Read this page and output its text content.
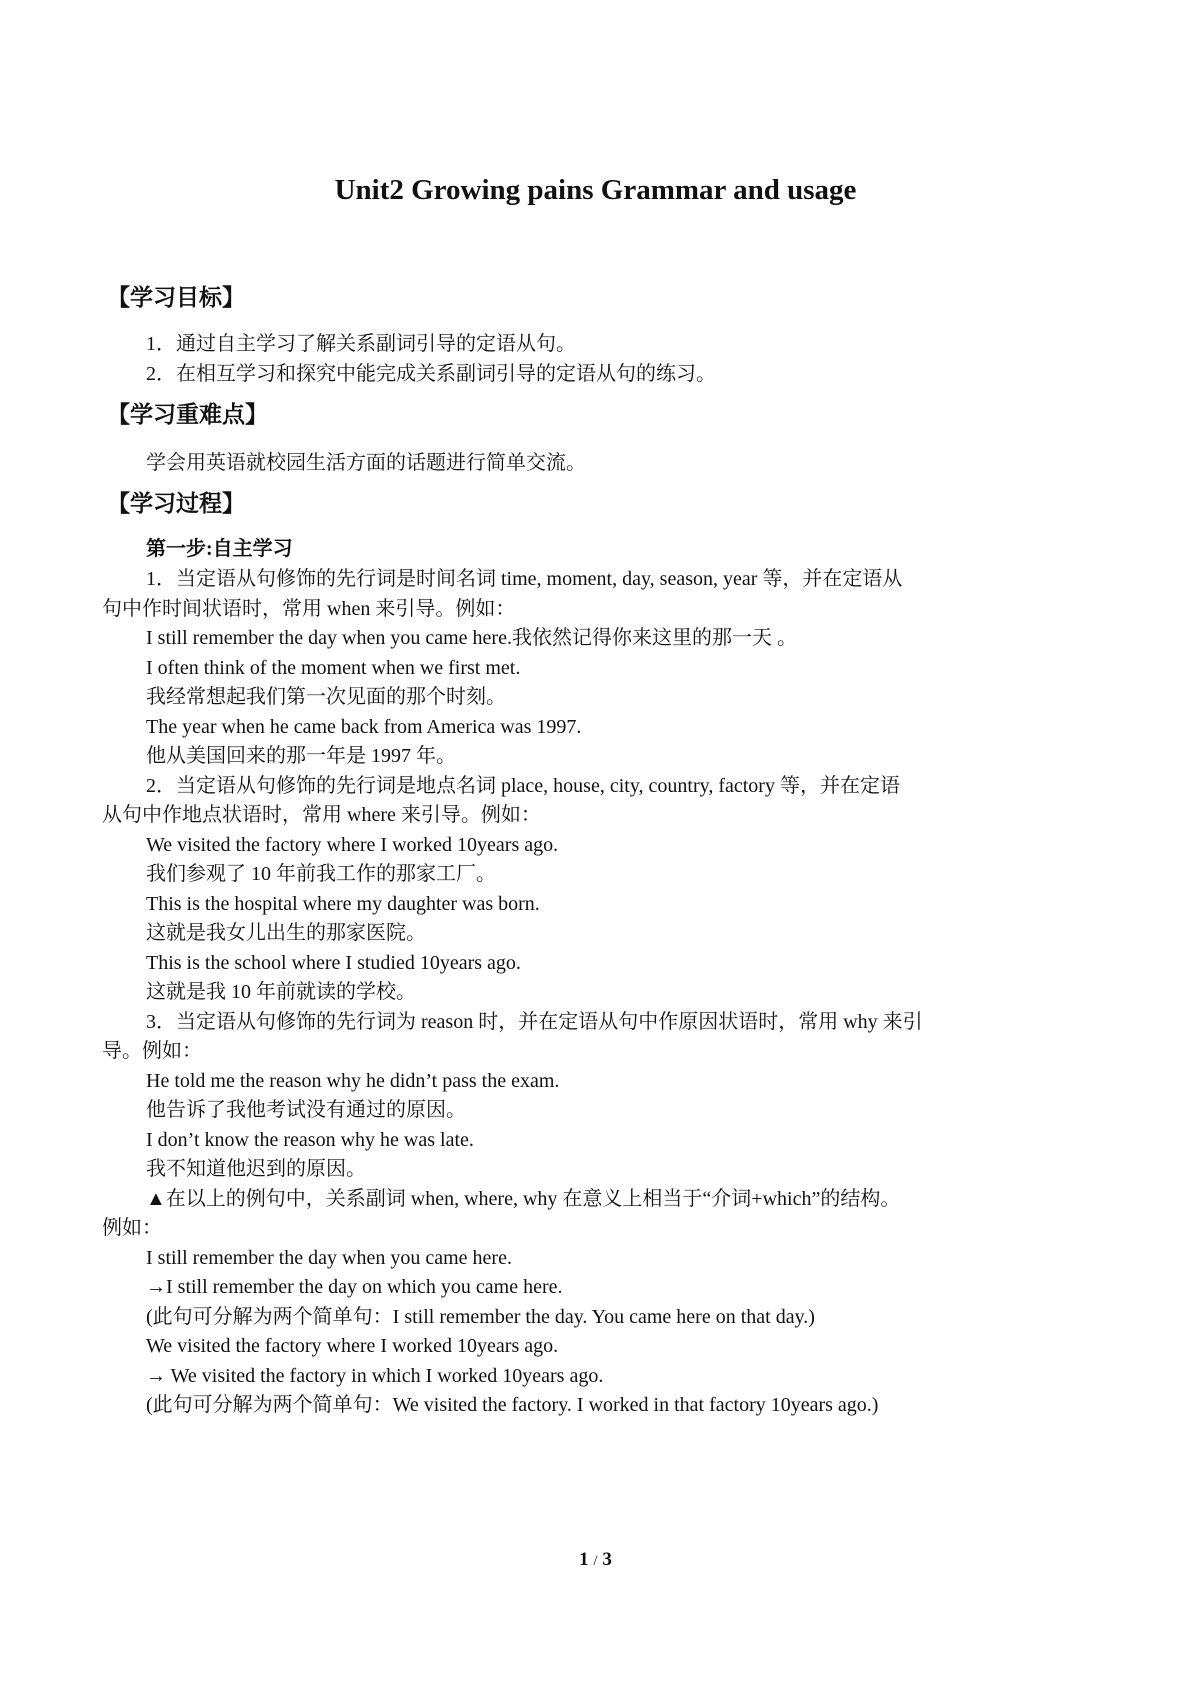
Unit2 Growing pains Grammar and usage
【学习目标】
1．通过自主学习了解关系副词引导的定语从句。
2．在相互学习和探究中能完成关系副词引导的定语从句的练习。
【学习重难点】
学会用英语就校园生活方面的话题进行简单交流。
【学习过程】
第一步:自主学习
1．当定语从句修饰的先行词是时间名词 time, moment, day, season, year 等，并在定语从
句中作时间状语时，常用 when 来引导。例如：
I still remember the day when you came here.我依然记得你来这里的那一天 。
I often think of the moment when we first met.
我经常想起我们第一次见面的那个时刻。
The year when he came back from America was 1997.
他从美国回来的那一年是 1997 年。
2．当定语从句修饰的先行词是地点名词 place, house, city, country, factory 等，并在定语
从句中作地点状语时，常用 where 来引导。例如：
We visited the factory where I worked 10years ago.
我们参观了 10 年前我工作的那家工厂。
This is the hospital where my daughter was born.
这就是我女儿出生的那家医院。
This is the school where I studied 10years ago.
这就是我 10 年前就读的学校。
3．当定语从句修饰的先行词为 reason 时，并在定语从句中作原因状语时，常用 why 来引
导。例如：
He told me the reason why he didn’t pass the exam.
他告诉了我他考试没有通过的原因。
I don’t know the reason why he was late.
我不知道他迟到的原因。
▲在以上的例句中，关系副词 when, where, why 在意义上相当于“介词+which”的结构。
例如：
I still remember the day when you came here.
→I still remember the day on which you came here.
(此句可分解为两个简单句：I still remember the day. You came here on that day.)
We visited the factory where I worked 10years ago.
→ We visited the factory in which I worked 10years ago.
(此句可分解为两个简单句：We visited the factory. I worked in that factory 10years ago.)
1 / 3
